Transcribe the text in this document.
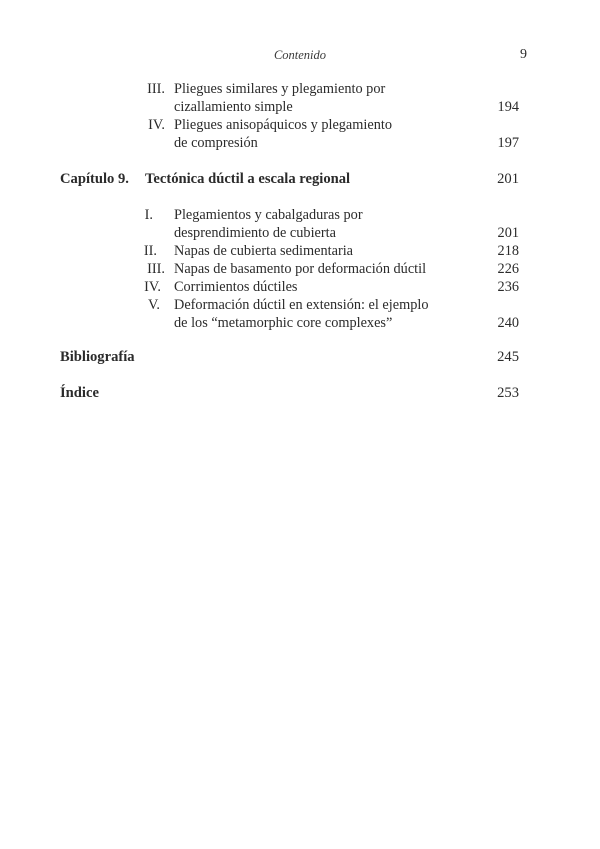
Contenido	9
III. Pliegues similares y plegamiento por
cizallamiento simple	194
IV. Pliegues anisopáquicos y plegamiento
de compresión	197
Capítulo 9. Tectónica dúctil a escala regional	201
I. Plegamientos y cabalgaduras por
desprendimiento de cubierta	201
II. Napas de cubierta sedimentaria	218
III. Napas de basamento por deformación dúctil	226
IV. Corrimientos dúctiles	236
V. Deformación dúctil en extensión: el ejemplo
de los “metamorphic core complexes”	240
Bibliografía	245
Índice	253
